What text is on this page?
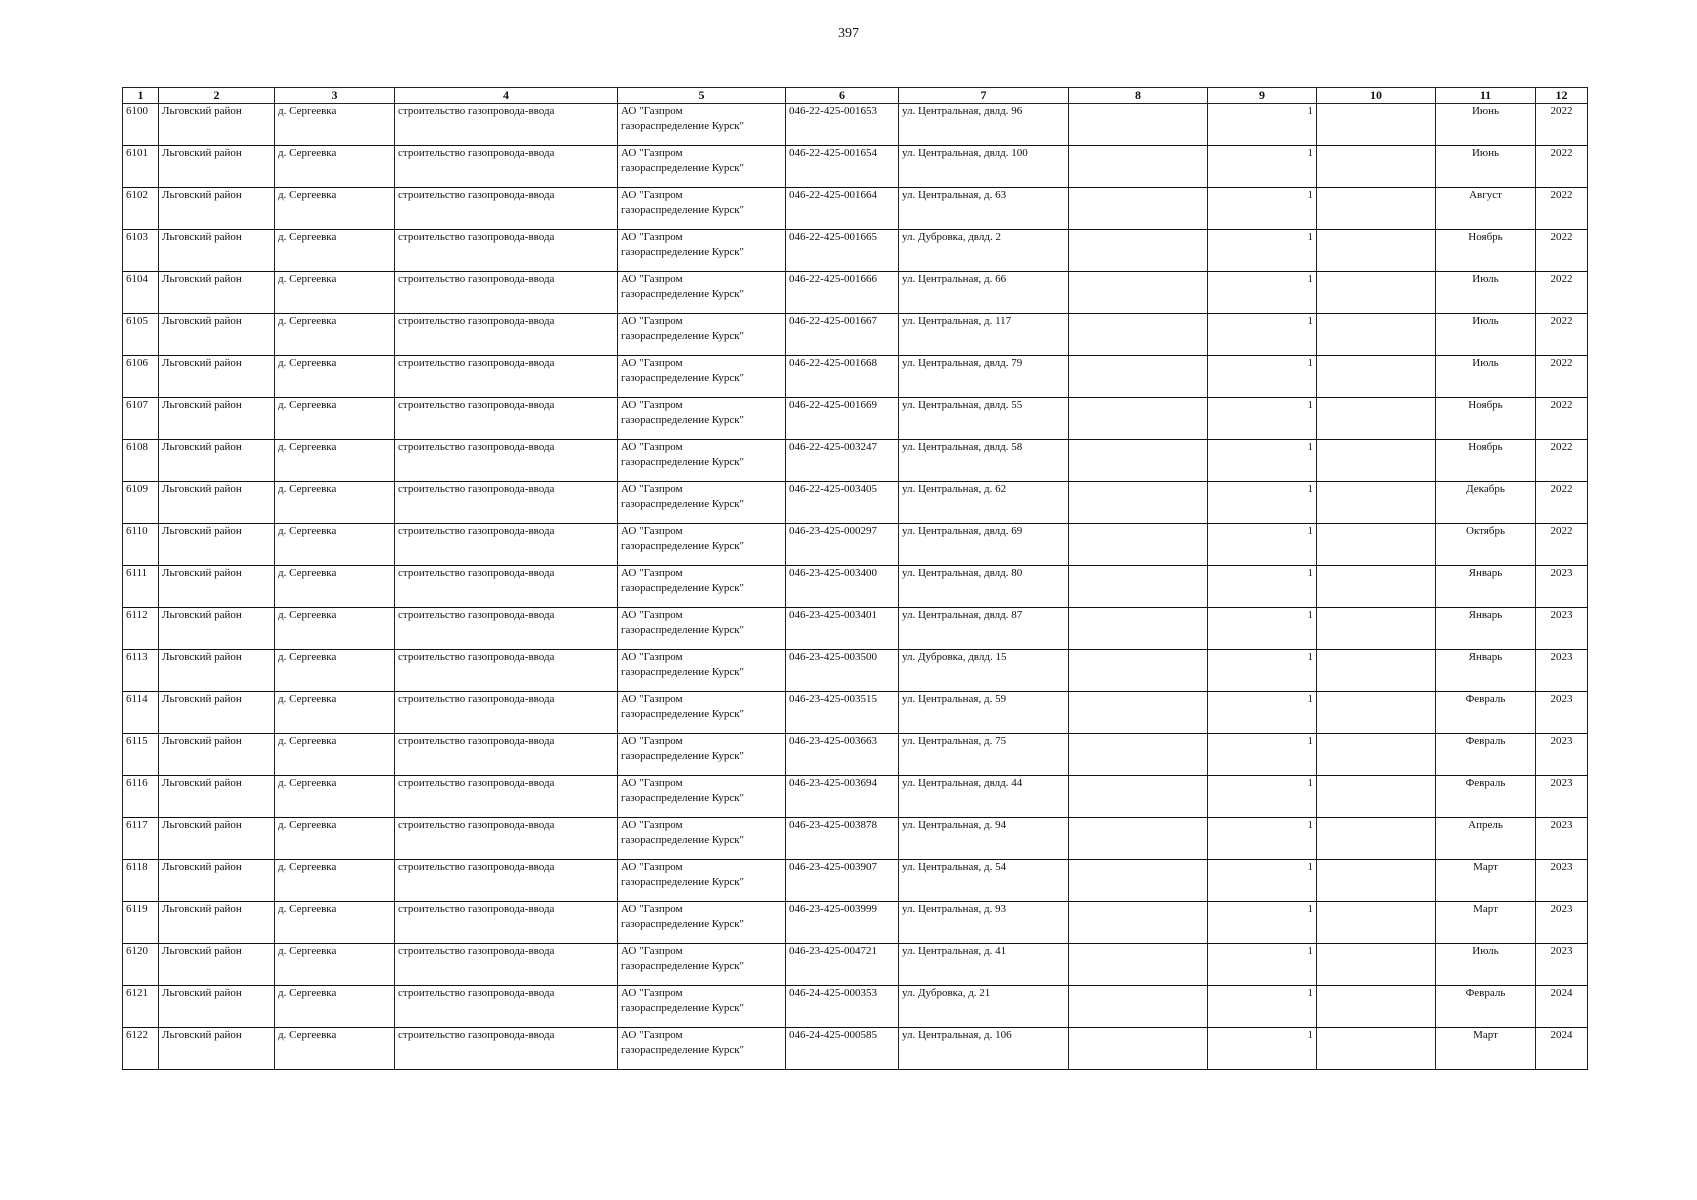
397
1	2	3	4	5	6	7	8	9	10	11	12
6100	Льговский район	д. Сергеевка	строительство газопровода-ввода	АО "Газпром
газораспределение Курск"	046-22-425-001653	ул. Центральная, двлд. 96		1		Июнь	2022
6101	Льговский район	д. Сергеевка	строительство газопровода-ввода	АО "Газпром
газораспределение Курск"	046-22-425-001654	ул. Центральная, двлд. 100		1		Июнь	2022
6102	Льговский район	д. Сергеевка	строительство газопровода-ввода	АО "Газпром
газораспределение Курск"	046-22-425-001664	ул. Центральная, д. 63		1		Август	2022
6103	Льговский район	д. Сергеевка	строительство газопровода-ввода	АО "Газпром
газораспределение Курск"	046-22-425-001665	ул. Дубровка, двлд. 2		1		Ноябрь	2022
6104	Льговский район	д. Сергеевка	строительство газопровода-ввода	АО "Газпром
газораспределение Курск"	046-22-425-001666	ул. Центральная, д. 66		1		Июль	2022
6105	Льговский район	д. Сергеевка	строительство газопровода-ввода	АО "Газпром
газораспределение Курск"	046-22-425-001667	ул. Центральная, д. 117		1		Июль	2022
6106	Льговский район	д. Сергеевка	строительство газопровода-ввода	АО "Газпром
газораспределение Курск"	046-22-425-001668	ул. Центральная, двлд. 79		1		Июль	2022
6107	Льговский район	д. Сергеевка	строительство газопровода-ввода	АО "Газпром
газораспределение Курск"	046-22-425-001669	ул. Центральная, двлд. 55		1		Ноябрь	2022
6108	Льговский район	д. Сергеевка	строительство газопровода-ввода	АО "Газпром
газораспределение Курск"	046-22-425-003247	ул. Центральная, двлд. 58		1		Ноябрь	2022
6109	Льговский район	д. Сергеевка	строительство газопровода-ввода	АО "Газпром
газораспределение Курск"	046-22-425-003405	ул. Центральная, д. 62		1		Декабрь	2022
6110	Льговский район	д. Сергеевка	строительство газопровода-ввода	АО "Газпром
газораспределение Курск"	046-23-425-000297	ул. Центральная, двлд. 69		1		Октябрь	2022
6111	Льговский район	д. Сергеевка	строительство газопровода-ввода	АО "Газпром
газораспределение Курск"	046-23-425-003400	ул. Центральная, двлд. 80		1		Январь	2023
6112	Льговский район	д. Сергеевка	строительство газопровода-ввода	АО "Газпром
газораспределение Курск"	046-23-425-003401	ул. Центральная, двлд. 87		1		Январь	2023
6113	Льговский район	д. Сергеевка	строительство газопровода-ввода	АО "Газпром
газораспределение Курск"	046-23-425-003500	ул. Дубровка, двлд. 15		1		Январь	2023
6114	Льговский район	д. Сергеевка	строительство газопровода-ввода	АО "Газпром
газораспределение Курск"	046-23-425-003515	ул. Центральная, д. 59		1		Февраль	2023
6115	Льговский район	д. Сергеевка	строительство газопровода-ввода	АО "Газпром
газораспределение Курск"	046-23-425-003663	ул. Центральная, д. 75		1		Февраль	2023
6116	Льговский район	д. Сергеевка	строительство газопровода-ввода	АО "Газпром
газораспределение Курск"	046-23-425-003694	ул. Центральная, двлд. 44		1		Февраль	2023
6117	Льговский район	д. Сергеевка	строительство газопровода-ввода	АО "Газпром
газораспределение Курск"	046-23-425-003878	ул. Центральная, д. 94		1		Апрель	2023
6118	Льговский район	д. Сергеевка	строительство газопровода-ввода	АО "Газпром
газораспределение Курск"	046-23-425-003907	ул. Центральная, д. 54		1		Март	2023
6119	Льговский район	д. Сергеевка	строительство газопровода-ввода	АО "Газпром
газораспределение Курск"	046-23-425-003999	ул. Центральная, д. 93		1		Март	2023
6120	Льговский район	д. Сергеевка	строительство газопровода-ввода	АО "Газпром
газораспределение Курск"	046-23-425-004721	ул. Центральная, д. 41		1		Июль	2023
6121	Льговский район	д. Сергеевка	строительство газопровода-ввода	АО "Газпром
газораспределение Курск"	046-24-425-000353	ул. Дубровка, д. 21		1		Февраль	2024
6122	Льговский район	д. Сергеевка	строительство газопровода-ввода	АО "Газпром
газораспределение Курск"	046-24-425-000585	ул. Центральная, д. 106		1		Март	2024
